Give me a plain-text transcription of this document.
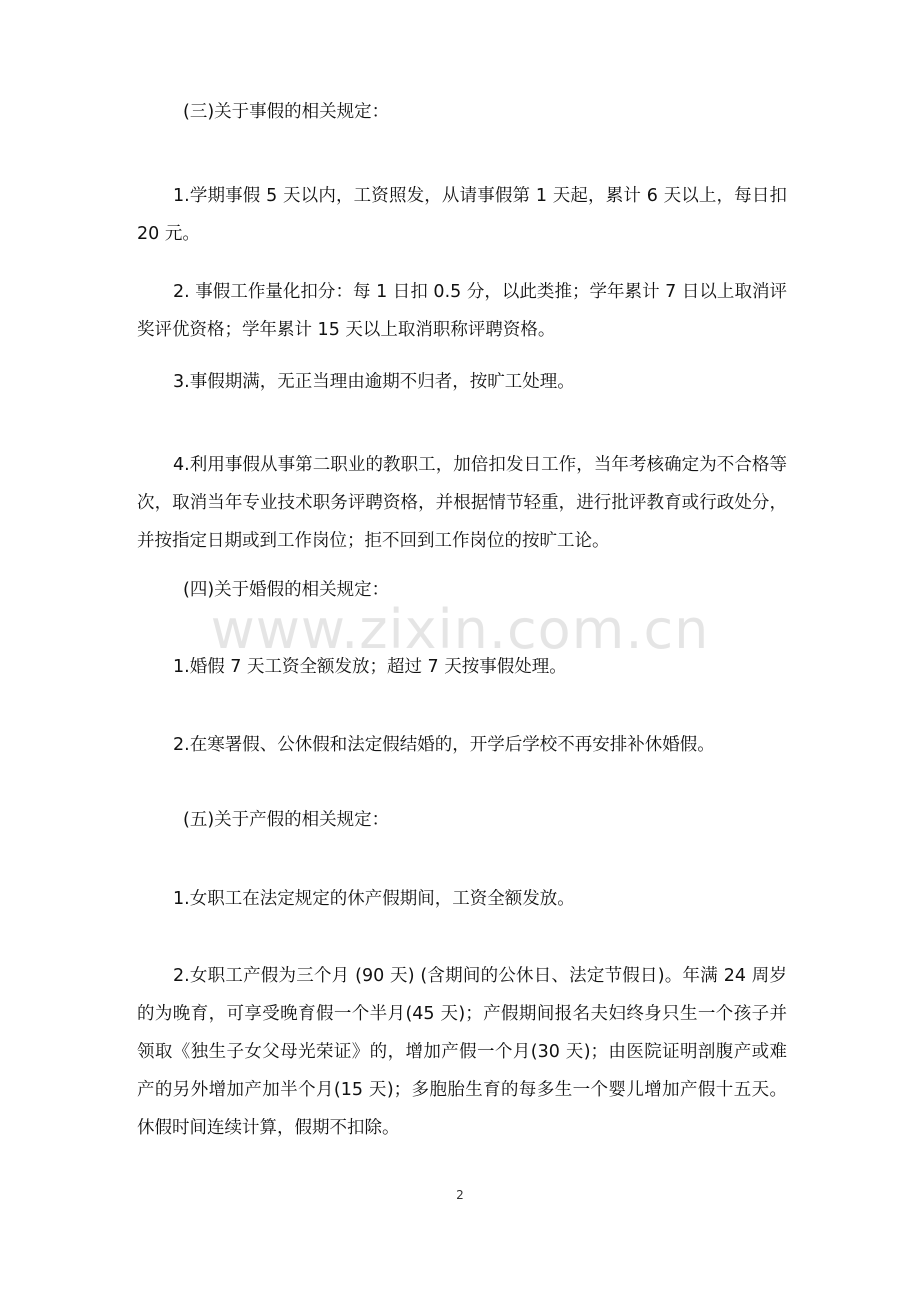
(三)关于事假的相关规定：

1.学期事假 5 天以内，工资照发，从请事假第 1 天起，累计 6 天以上，每日扣 20 元。

2. 事假工作量化扣分：每 1 日扣 0.5 分，以此类推；学年累计 7 日以上取消评奖评优资格；学年累计 15 天以上取消职称评聘资格。

3.事假期满，无正当理由逾期不归者，按旷工处理。

4.利用事假从事第二职业的教职工，加倍扣发日工作，当年考核确定为不合格等次，取消当年专业技术职务评聘资格，并根据情节轻重，进行批评教育或行政处分，并按指定日期或到工作岗位；拒不回到工作岗位的按旷工论。

(四)关于婚假的相关规定：

1.婚假 7 天工资全额发放；超过 7 天按事假处理。

2.在寒署假、公休假和法定假结婚的，开学后学校不再安排补休婚假。

(五)关于产假的相关规定：

1.女职工在法定规定的休产假期间，工资全额发放。

2.女职工产假为三个月 (90 天) (含期间的公休日、法定节假日)。年满 24 周岁的为晚育，可享受晚育假一个半月(45 天)；产假期间报名夫妇终身只生一个孩子并领取《独生子女父母光荣证》的，增加产假一个月(30 天)；由医院证明剖腹产或难产的另外增加产加半个月(15 天)；多胞胎生育的每多生一个婴儿增加产假十五天。休假时间连续计算，假期不扣除。

www.zixin.com.cn
2
